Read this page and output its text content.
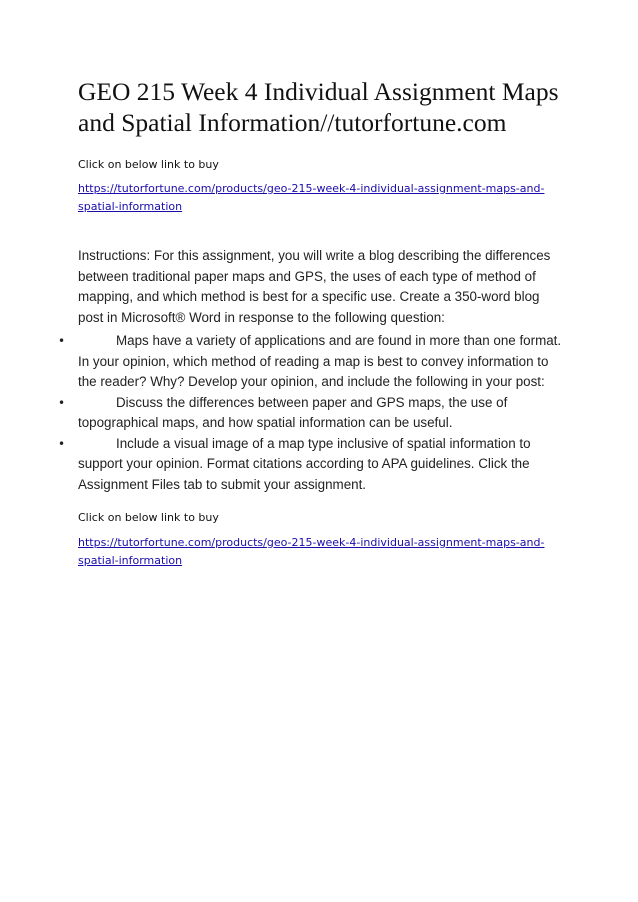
GEO 215 Week 4 Individual Assignment Maps and Spatial Information//tutorfortune.com
Click on below link to buy
https://tutorfortune.com/products/geo-215-week-4-individual-assignment-maps-and-spatial-information

Instructions: For this assignment, you will write a blog describing the differences between traditional paper maps and GPS, the uses of each type of method of mapping, and which method is best for a specific use. Create a 350-word blog post in Microsoft® Word in response to the following question:

•	Maps have a variety of applications and are found in more than one format. In your opinion, which method of reading a map is best to convey information to the reader? Why? Develop your opinion, and include the following in your post:
•	Discuss the differences between paper and GPS maps, the use of topographical maps, and how spatial information can be useful.
•	Include a visual image of a map type inclusive of spatial information to support your opinion. Format citations according to APA guidelines. Click the Assignment Files tab to submit your assignment.
Click on below link to buy
https://tutorfortune.com/products/geo-215-week-4-individual-assignment-maps-and-spatial-information
